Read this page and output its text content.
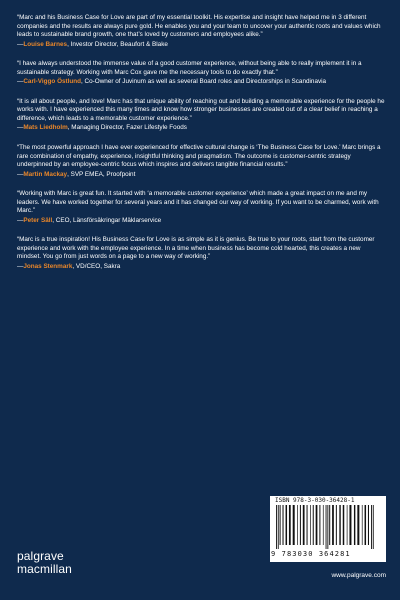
“Marc and his Business Case for Love are part of my essential toolkit. His expertise and insight have helped me in 3 different companies and the results are always pure gold. He enables you and your team to uncover your authentic roots and values which leads to sustainable brand growth, one that’s loved by customers and employees alike.”
—Louise Barnes, Investor Director, Beaufort & Blake
“I have always understood the immense value of a good customer experience, without being able to really implement it in a sustainable strategy. Working with Marc Cox gave me the necessary tools to do exactly that.”
—Carl-Viggo Östlund, Co-Owner of Juvinum as well as several Board roles and Directorships in Scandinavia
“It is all about people, and love! Marc has that unique ability of reaching out and building a memorable experience for the people he works with. I have experienced this many times and know how stronger businesses are created out of a clear belief in reaching a difference, which leads to a memorable customer experience.”
—Mats Liedholm, Managing Director, Fazer Lifestyle Foods
“The most powerful approach I have ever experienced for effective cultural change is ‘The Business Case for Love.’ Marc brings a rare combination of empathy, experience, insightful thinking and pragmatism. The outcome is customer-centric strategy underpinned by an employee-centric focus which inspires and delivers tangible financial results.”
—Martin Mackay, SVP EMEA, Proofpoint
“Working with Marc is great fun. It started with ‘a memorable customer experience’ which made a great impact on me and my leaders. We have worked together for several years and it has changed our way of working. If you want to be charmed, work with Marc.”
—Peter Säll, CEO, Länsförsäkringar Mäklarservice
“Marc is a true inspiration! His Business Case for Love is as simple as it is genius. Be true to your roots, start from the customer experience and work with the employee experience. In a time when business has become cold hearted, this creates a new mindset. You go from just words on a page to a new way of working.”
—Jonas Stenmark, VD/CEO, Sakra
palgrave
macmillan
ISBN 978-3-030-36428-1
9 783030 364281
www.palgrave.com
